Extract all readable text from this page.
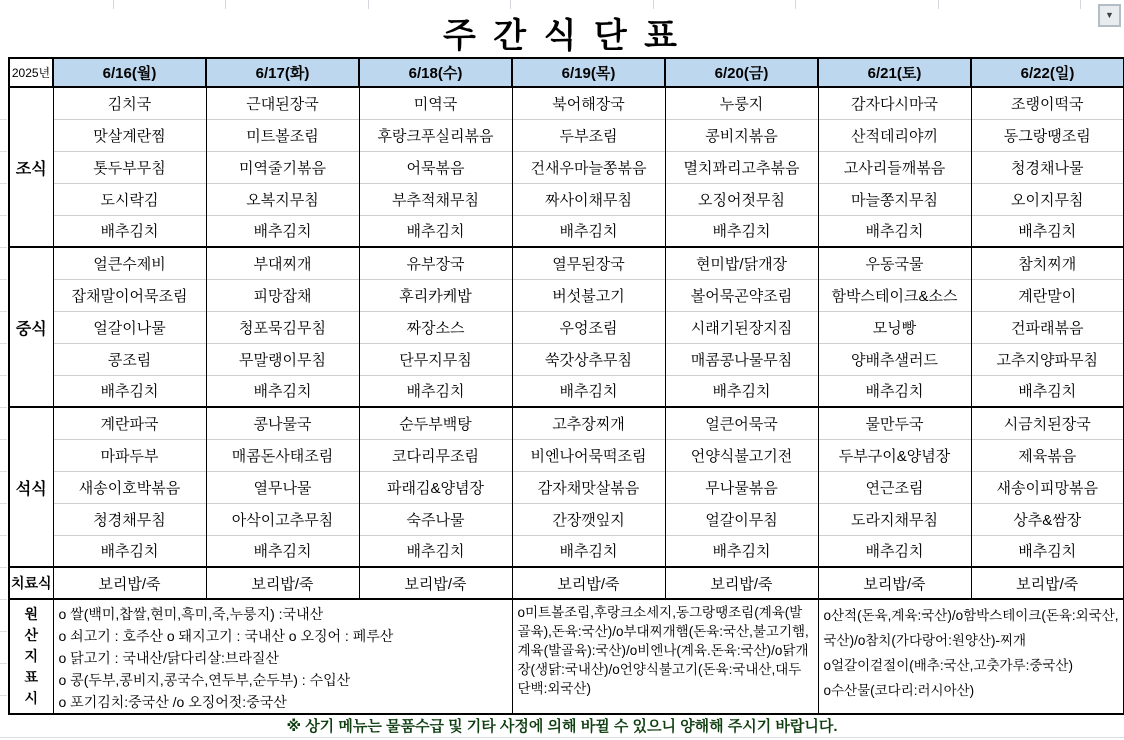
▼
주 간 식 단 표
2025년	6/16(월)	6/17(화)	6/18(수)	6/19(목)	6/20(금)	6/21(토)	6/22(일)
조식	김치국	근대된장국	미역국	북어해장국	누룽지	감자다시마국	조랭이떡국
	맛살계란찜	미트볼조림	후랑크푸실리볶음	두부조림	콩비지볶음	산적데리야끼	동그랑땡조림
	톳두부무침	미역줄기볶음	어묵볶음	건새우마늘쫑볶음	멸치꽈리고추볶음	고사리들깨볶음	청경채나물
	도시락김	오복지무침	부추적채무침	짜사이채무침	오징어젓무침	마늘쫑지무침	오이지무침
	배추김치	배추김치	배추김치	배추김치	배추김치	배추김치	배추김치
중식	얼큰수제비	부대찌개	유부장국	열무된장국	현미밥/닭개장	우동국물	참치찌개
	잡채말이어묵조림	피망잡채	후리카케밥	버섯불고기	볼어묵곤약조림	함박스테이크&소스	계란말이
	얼갈이나물	청포묵김무침	짜장소스	우엉조림	시래기된장지짐	모닝빵	건파래볶음
	콩조림	무말랭이무침	단무지무침	쑥갓상추무침	매콤콩나물무침	양배추샐러드	고추지양파무침
	배추김치	배추김치	배추김치	배추김치	배추김치	배추김치	배추김치
석식	계란파국	콩나물국	순두부백탕	고추장찌개	얼큰어묵국	물만두국	시금치된장국
	마파두부	매콤돈사태조림	코다리무조림	비엔나어묵떡조림	언양식불고기전	두부구이&양념장	제육볶음
	새송이호박볶음	열무나물	파래김&양념장	감자채맛살볶음	무나물볶음	연근조림	새송이피망볶음
	청경채무침	아삭이고추무침	숙주나물	간장깻잎지	얼갈이무침	도라지채무침	상추&쌈장
	배추김치	배추김치	배추김치	배추김치	배추김치	배추김치	배추김치
치료식	보리밥/죽	보리밥/죽	보리밥/죽	보리밥/죽	보리밥/죽	보리밥/죽	보리밥/죽

원
산
지
표
시

o 쌀(백미,찹쌀,현미,흑미,죽,누룽지) :국내산
o 쇠고기 : 호주산 o 돼지고기 : 국내산 o 오징어 : 페루산
o 닭고기 : 국내산/닭다리살:브라질산
o 콩(두부,콩비지,콩국수,연두부,순두부) : 수입산
o 포기김치:중국산 /o 오징어젓:중국산

o미트볼조림,후랑크소세지,동그랑땡조림(계육(발골육),돈육:국산)/o부대찌개햄(돈육:국산,불고기햄,계육(발골육):국산)/o비엔나(계육.돈육:국산)/o닭개장(생닭:국내산)/o언양식불고기(돈육:국내산,대두단백:외국산)

o산적(돈육,계육:국산)/o함박스테이크(돈육:외국산,국산)/o참치(가다랑어:원양산)-찌개
o얼갈이겉절이(배추:국산,고춧가루:중국산)
o수산물(코다리:러시아산)
※ 상기 메뉴는 물품수급 및 기타 사정에 의해 바뀔 수 있으니 양해해 주시기 바랍니다.
